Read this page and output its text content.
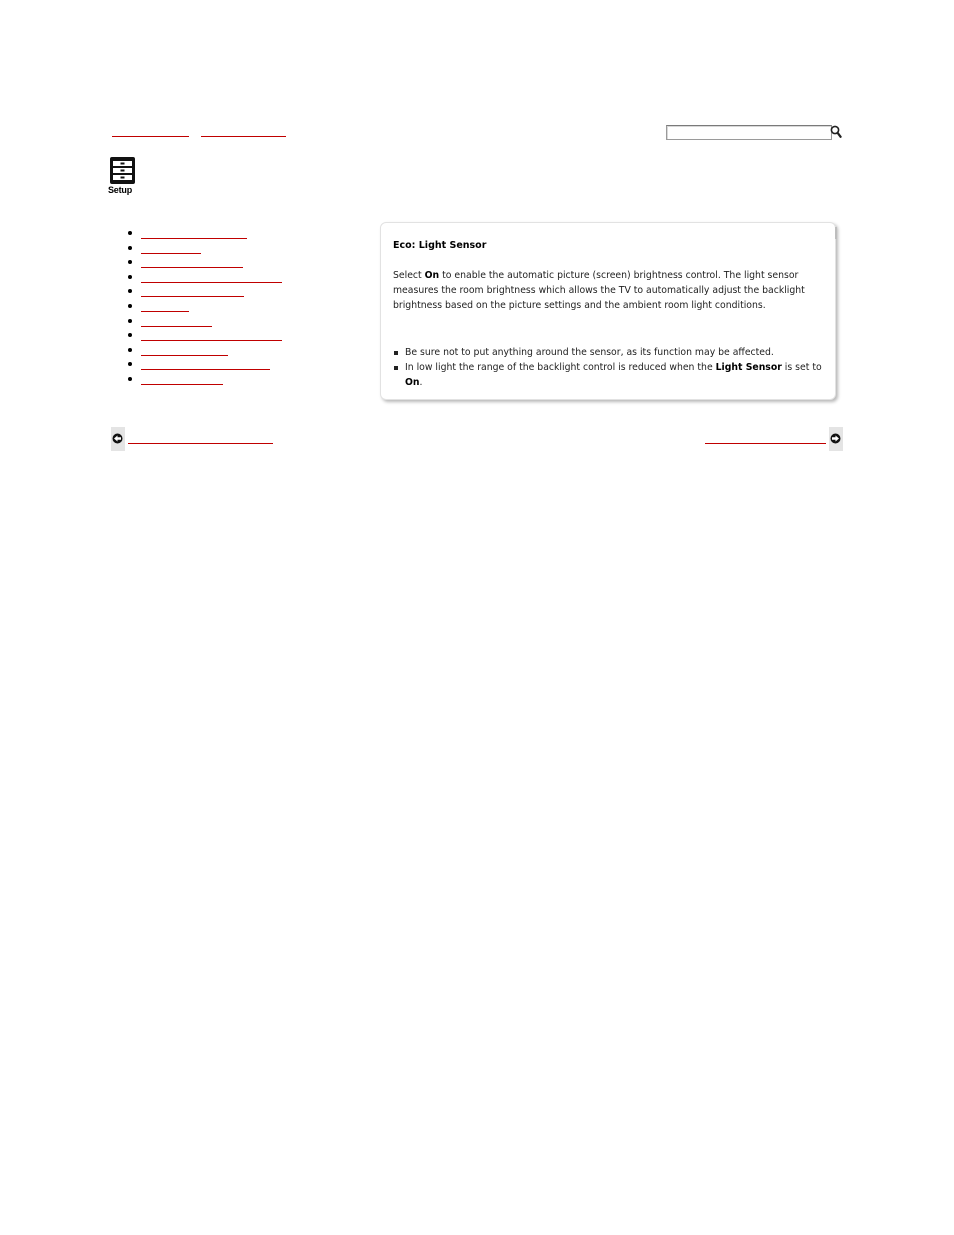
Setup
Eco: Light Sensor
Select On to enable the automatic picture (screen) brightness control. The light sensor measures the room brightness which allows the TV to automatically adjust the backlight brightness based on the picture settings and the ambient room light conditions.
Be sure not to put anything around the sensor, as its function may be affected.
In low light the range of the backlight control is reduced when the Light Sensor is set to On.
